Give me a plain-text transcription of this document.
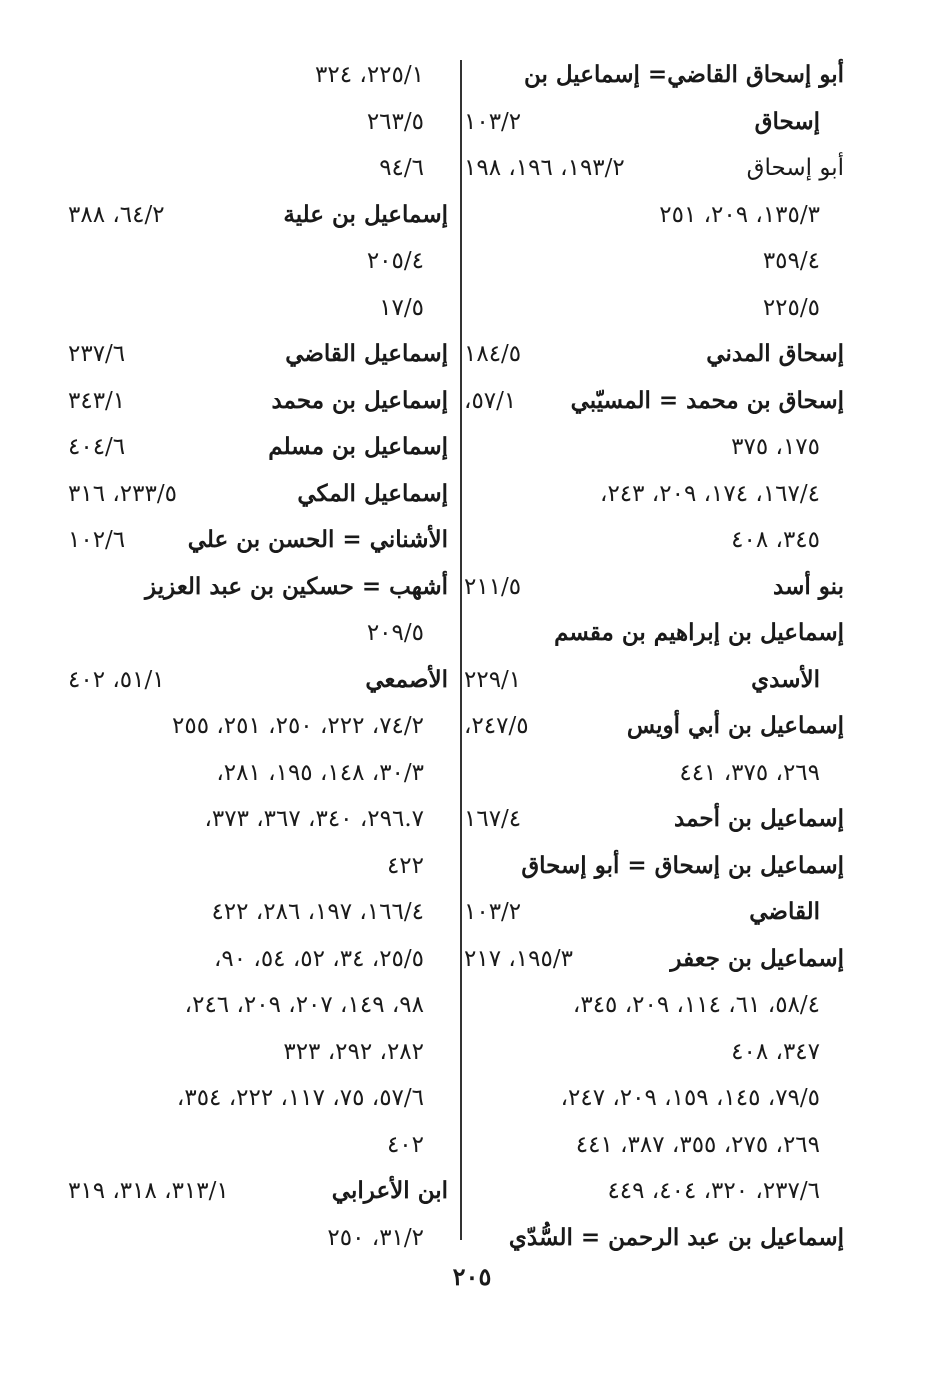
أبو إسحاق القاضي= إسماعيل بن
إسحاق
١٠٣/٢
أبو إسحاق
١٩٣/٢، ١٩٦، ١٩٨
١٣٥/٣، ٢٠٩، ٢٥١
٣٥٩/٤
٢٢٥/٥
إسحاق المدني
١٨٤/٥
إسحاق بن محمد = المسيّبي
٥٧/١،
١٧٥، ٣٧٥
١٦٧/٤، ١٧٤، ٢٠٩، ٢٤٣،
٣٤٥، ٤٠٨
بنو أسد
٢١١/٥
إسماعيل بن إبراهيم بن مقسم
الأسدي
٢٢٩/١
إسماعيل بن أبي أويس
٢٤٧/٥،
٢٦٩، ٣٧٥، ٤٤١
إسماعيل بن أحمد
١٦٧/٤
إسماعيل بن إسحاق = أبو إسحاق
القاضي
١٠٣/٢
إسماعيل بن جعفر
١٩٥/٣، ٢١٧
٥٨/٤، ٦١، ١١٤، ٢٠٩، ٣٤٥،
٣٤٧، ٤٠٨
٧٩/٥، ١٤٥، ١٥٩، ٢٠٩، ٢٤٧،
٢٦٩، ٢٧٥، ٣٥٥، ٣٨٧، ٤٤١
٢٣٧/٦، ٣٢٠، ٤٠٤، ٤٤٩
إسماعيل بن عبد الرحمن = السُّدّي
٢٢٥/١، ٣٢٤
٢٦٣/٥
٩٤/٦
إسماعيل بن علية
٦٤/٢، ٣٨٨
٢٠٥/٤
١٧/٥
إسماعيل القاضي
٢٣٧/٦
إسماعيل بن محمد
٣٤٣/١
إسماعيل بن مسلم
٤٠٤/٦
إسماعيل المكي
٢٣٣/٥، ٣١٦
الأشناني = الحسن بن علي
١٠٢/٦
أشهب = حسكين بن عبد العزيز
٢٠٩/٥
الأصمعي
٥١/١، ٤٠٢
٧٤/٢، ٢٢٢، ٢٥٠، ٢٥١، ٢٥٥
٣٠/٣، ١٤٨، ١٩٥، ٢٨١،
٢٩٦.٧، ٣٤٠، ٣٦٧، ٣٧٣،
٤٢٢
١٦٦/٤، ١٩٧، ٢٨٦، ٤٢٢
٢٥/٥، ٣٤، ٥٢، ٥٤، ٩٠،
٩٨، ١٤٩، ٢٠٧، ٢٠٩، ٢٤٦،
٢٨٢، ٢٩٢، ٣٢٣
٥٧/٦، ٧٥، ١١٧، ٢٢٢، ٣٥٤،
٤٠٢
ابن الأعرابي
٣١٣/١، ٣١٨، ٣١٩
٣١/٢، ٢٥٠
٢٠٥
